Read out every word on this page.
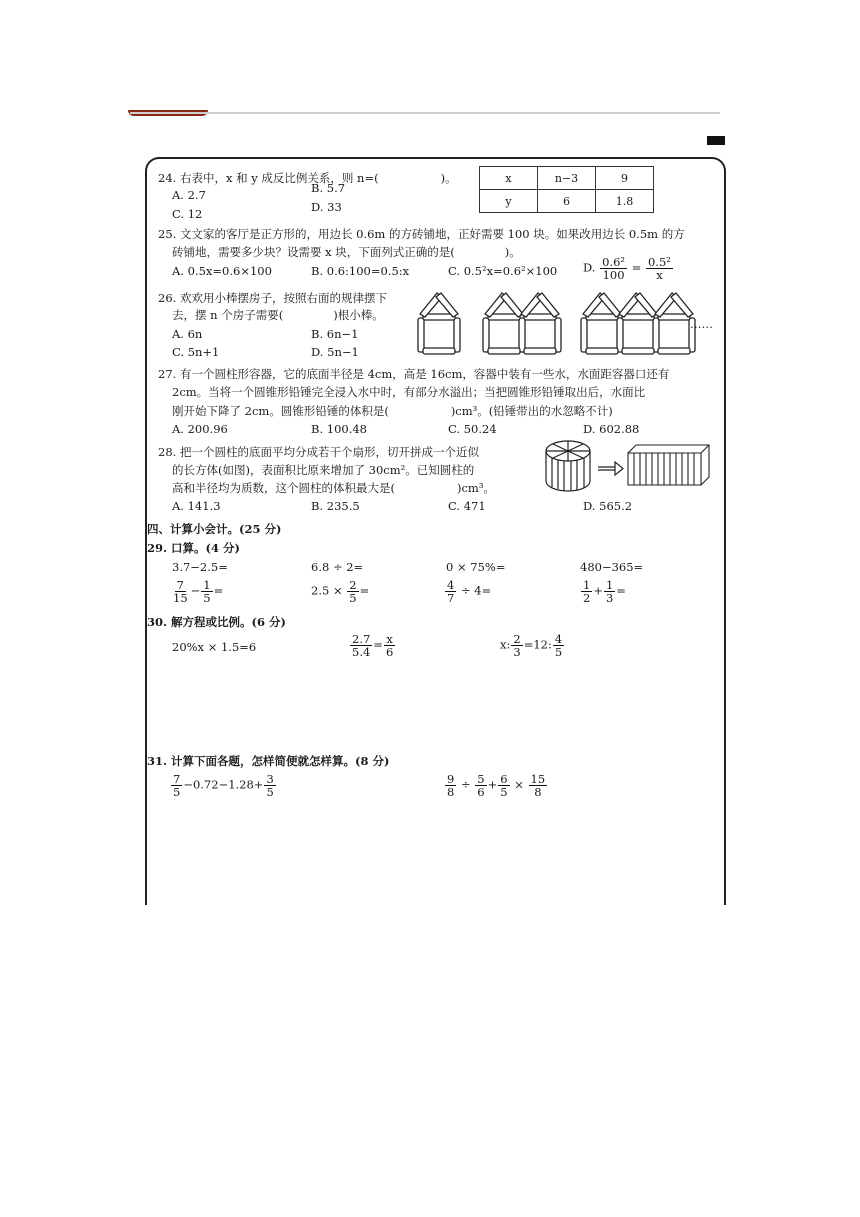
24. 右表中，x 和 y 成反比例关系，则 n=(	)。
A. 2.7	B. 5.7
C. 12	D. 33
x	n−3	9
y	6	1.8
25. 文文家的客厅是正方形的，用边长 0.6m 的方砖铺地，正好需要 100 块。如果改用边长 0.5m 的方
砖铺地，需要多少块？设需要 x 块，下面列式正确的是(	)。
A. 0.5x=0.6×100	B. 0.6:100=0.5:x	C. 0.5²x=0.6²×100 D. $\frac{\text{0.6²}}{100} = \frac{\text{0.5²}}{x}$
26. 欢欢用小棒摆房子，按照右面的规律摆下
去，摆 n 个房子需要(	)根小棒。
A. 6n	B. 6n−1
C. 5n+1	D. 5n−1
……
27. 有一个圆柱形容器，它的底面半径是 4cm，高是 16cm，容器中装有一些水，水面距容器口还有
2cm。当将一个圆锥形铅锤完全浸入水中时，有部分水溢出；当把圆锥形铅锤取出后，水面比
刚开始下降了 2cm。圆锥形铅锤的体积是(	)cm³。(铅锤带出的水忽略不计)
A. 200.96	B. 100.48	C. 50.24	D. 602.88
28. 把一个圆柱的底面平均分成若干个扇形，切开拼成一个近似
的长方体(如图)，表面积比原来增加了 30cm²。已知圆柱的
高和半径均为质数，这个圆柱的体积最大是(	)cm³。
A. 141.3	B. 235.5	C. 471	D. 565.2
四、计算小会计。(25 分)
29. 口算。(4 分)
3.7−2.5=	6.8 ÷ 2=	0 × 75%=	480−365=
$\frac{7}{15} - \frac{1}{5}$ =	$2.5 \times \frac{2}{5}$ =	$\frac{4}{7} \div 4=$	$\frac{1}{2} + \frac{1}{3}$ =
30. 解方程或比例。(6 分)
20%x × 1.5=6	$\frac{2.7}{5.4} = \frac{x}{6}$	x: $\frac{2}{3} =12$: $\frac{4}{5}$
31. 计算下面各题，怎样简便就怎样算。(8 分)
$\frac{7}{5} -0.72-1.28+ \frac{3}{5}$	$\frac{9}{8} \div \frac{5}{6} + \frac{6}{5} \times \frac{15}{8}$
